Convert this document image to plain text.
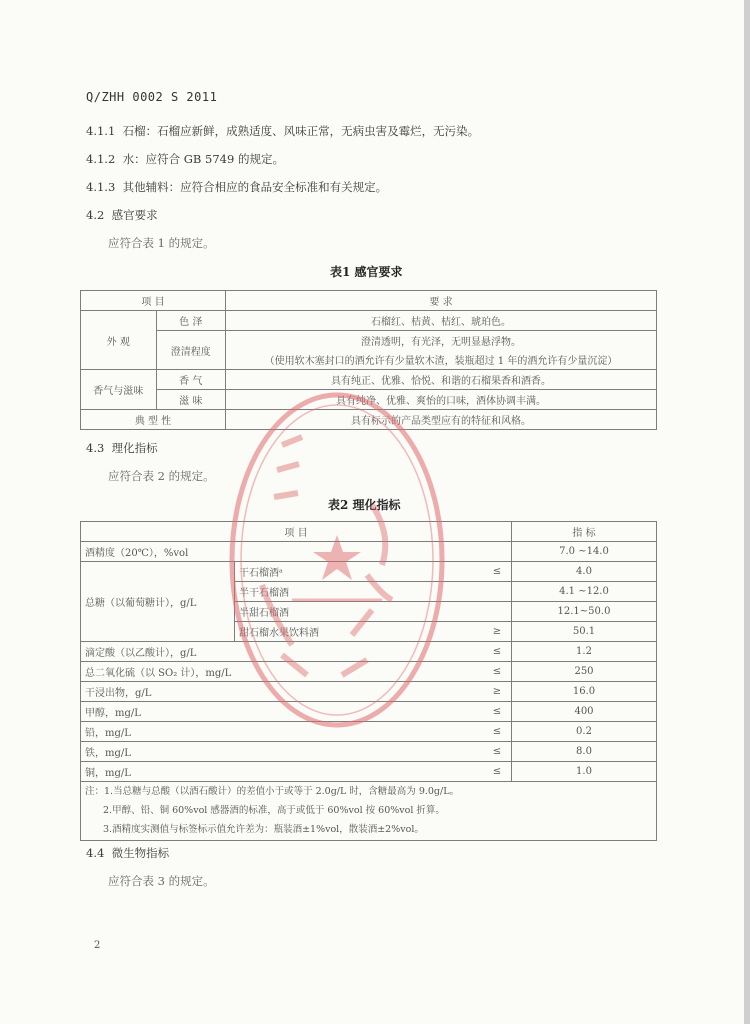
Q/ZHH 0002 S 2011
4.1.1 石榴：石榴应新鲜，成熟适度、风味正常，无病虫害及霉烂，无污染。
4.1.2 水：应符合 GB 5749 的规定。
4.1.3 其他辅料：应符合相应的食品安全标准和有关规定。
4.2 感官要求
应符合表 1 的规定。
表1 感官要求
项 目		要 求
外 观	色 泽	石榴红、桔黄、桔红、琥珀色。
	澄清程度	澄清透明，有光泽，无明显悬浮物。
		（使用软木塞封口的酒允许有少量软木渣，装瓶超过 1 年的酒允许有少量沉淀）
香气与滋味	香 气	具有纯正、优雅、恰悦、和谐的石榴果香和酒香。
	滋 味	具有纯净、优雅、爽怡的口味，酒体协调丰满。
典 型 性		具有标示的产品类型应有的特征和风格。
4.3 理化指标
应符合表 2 的规定。
表2 理化指标
项 目			指 标
酒精度（20℃），%vol			7.0 ~14.0
总糖（以葡萄糖计），g/L	干石榴酒ᵃ	≤	4.0
	半干石榴酒		4.1 ~12.0
	半甜石榴酒		12.1~50.0
	甜石榴水果饮料酒	≥	50.1
滴定酸（以乙酸计），g/L		≤	1.2
总二氧化硫（以 SO₂ 计），mg/L		≤	250
干浸出物，g/L		≥	16.0
甲醇，mg/L		≤	400
铅，mg/L		≤	0.2
铁，mg/L		≤	8.0
铜，mg/L		≤	1.0

注：1.当总糖与总酸（以酒石酸计）的差值小于或等于 2.0g/L 时，含糖最高为 9.0g/L。
2.甲醇、铅、铜 60%vol 感器酒的标准，高于或低于 60%vol 按 60%vol 折算。
3.酒精度实测值与标签标示值允许差为：瓶装酒±1%vol，散装酒±2%vol。			
4.4 微生物指标
应符合表 3 的规定。
2
